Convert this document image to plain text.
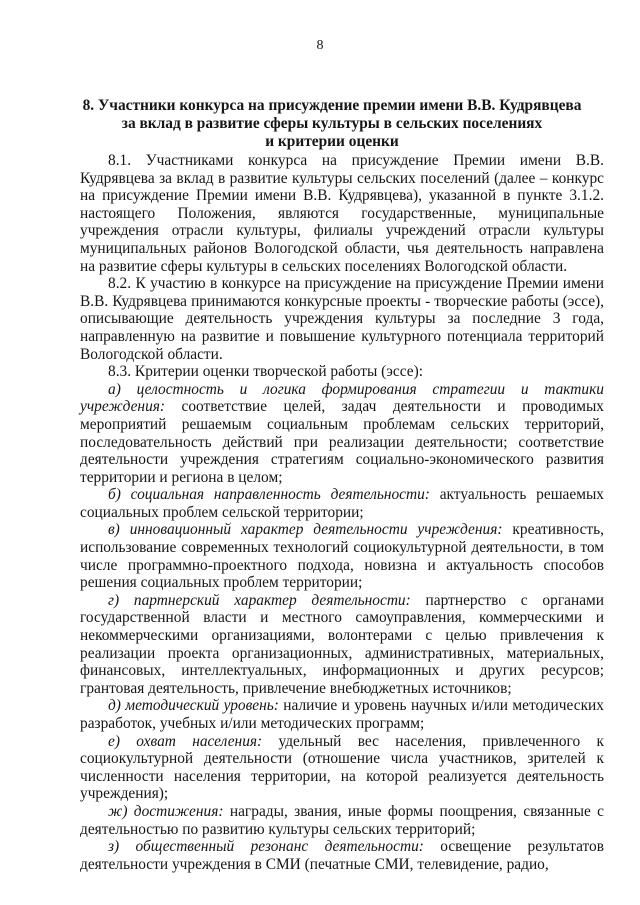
8
8. Участники конкурса на присуждение премии имени В.В. Кудрявцева
за вклад в развитие сферы культуры в сельских поселениях
и критерии оценки

8.1. Участниками конкурса на присуждение Премии имени В.В. Кудрявцева за вклад в развитие культуры сельских поселений (далее – конкурс на присуждение Премии имени В.В. Кудрявцева), указанной в пункте 3.1.2. настоящего Положения, являются государственные, муниципальные учреждения отрасли культуры, филиалы учреждений отрасли культуры муниципальных районов Вологодской области, чья деятельность направлена на развитие сферы культуры в сельских поселениях Вологодской области.

8.2. К участию в конкурсе на присуждение на присуждение Премии имени В.В. Кудрявцева принимаются конкурсные проекты - творческие работы (эссе), описывающие деятельность учреждения культуры за последние 3 года, направленную на развитие и повышение культурного потенциала территорий Вологодской области.

8.3. Критерии оценки творческой работы (эссе):

а) целостность и логика формирования стратегии и тактики учреждения: соответствие целей, задач деятельности и проводимых мероприятий решаемым социальным проблемам сельских территорий, последовательность действий при реализации деятельности; соответствие деятельности учреждения стратегиям социально-экономического развития территории и региона в целом;

б) социальная направленность деятельности: актуальность решаемых социальных проблем сельской территории;

в) инновационный характер деятельности учреждения: креативность, использование современных технологий социокультурной деятельности, в том числе программно-проектного подхода, новизна и актуальность способов решения социальных проблем территории;

г) партнерский характер деятельности: партнерство с органами государственной власти и местного самоуправления, коммерческими и некоммерческими организациями, волонтерами с целью привлечения к реализации проекта организационных, административных, материальных, финансовых, интеллектуальных, информационных и других ресурсов; грантовая деятельность, привлечение внебюджетных источников;

д) методический уровень: наличие и уровень научных и/или методических разработок, учебных и/или методических программ;

е) охват населения: удельный вес населения, привлеченного к социокультурной деятельности (отношение числа участников, зрителей к численности населения территории, на которой реализуется деятельность учреждения);

ж) достижения: награды, звания, иные формы поощрения, связанные с деятельностью по развитию культуры сельских территорий;

з) общественный резонанс деятельности: освещение результатов деятельности учреждения в СМИ (печатные СМИ, телевидение, радио,
